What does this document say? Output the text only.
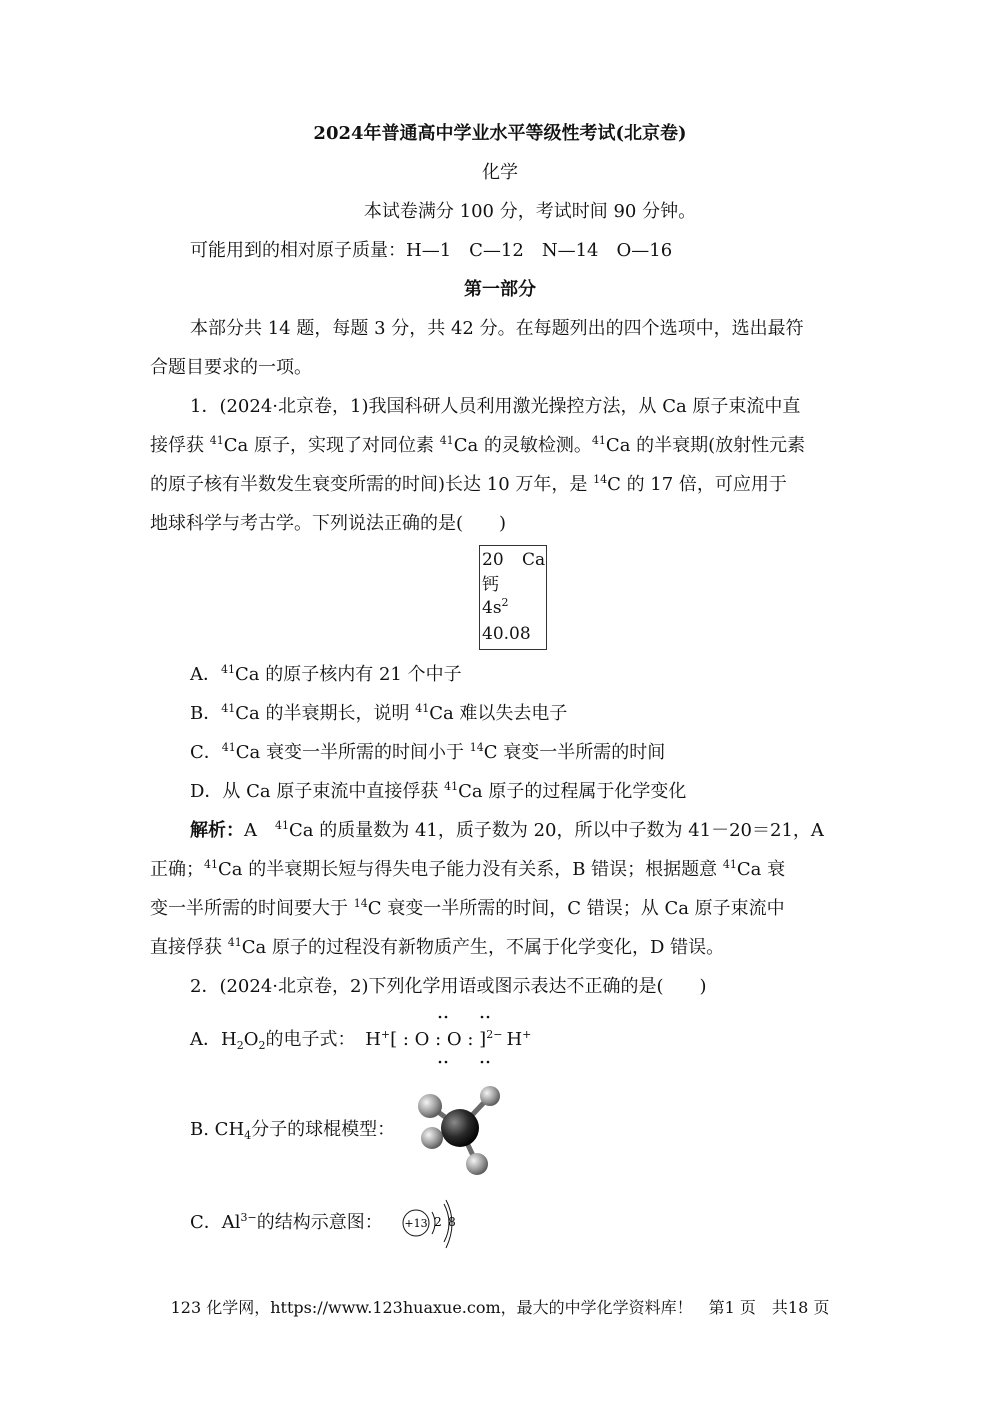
2024年普通高中学业水平等级性考试(北京卷)
化学
本试卷满分 100 分，考试时间 90 分钟。
可能用到的相对原子质量：H—1　C—12　N—14　O—16
第一部分
本部分共 14 题，每题 3 分，共 42 分。在每题列出的四个选项中，选出最符
合题目要求的一项。
1．(2024·北京卷，1)我国科研人员利用激光操控方法，从 Ca 原子束流中直
接俘获 $^{41}$Ca 原子，实现了对同位素 $^{41}$Ca 的灵敏检测。$^{41}$Ca 的半衰期(放射性元素
的原子核有半数发生衰变所需的时间)长达 10 万年，是 $^{14}$C 的 17 倍，可应用于
地球科学与考古学。下列说法正确的是(　　)
20 Ca
钙
$4s^2$
40.08
A．$^{41}$Ca 的原子核内有 21 个中子
B．$^{41}$Ca 的半衰期长，说明 $^{41}$Ca 难以失去电子
C．$^{41}$Ca 衰变一半所需的时间小于 $^{14}$C 衰变一半所需的时间
D．从 Ca 原子束流中直接俘获 $^{41}$Ca 原子的过程属于化学变化
解析：A　$^{41}$Ca 的质量数为 41，质子数为 20，所以中子数为 41－20＝21，A
正确；$^{41}$Ca 的半衰期长短与得失电子能力没有关系，B 错误；根据题意 $^{41}$Ca 衰
变一半所需的时间要大于 $^{14}$C 衰变一半所需的时间，C 错误；从 Ca 原子束流中
直接俘获 $^{41}$Ca 原子的过程没有新物质产生，不属于化学变化，D 错误。
2．(2024·北京卷，2)下列化学用语或图示表达不正确的是(　　)
A．$H_2O_2$的电子式： H+[ : O : O : ]$^{2-}$ H+
B. $CH_4$分子的球棍模型：
C．$Al^{3-}$的结构示意图：	+13 2 8
123 化学网，https://www.123huaxue.com，最大的中学化学资料库！　第1 页　共18 页
